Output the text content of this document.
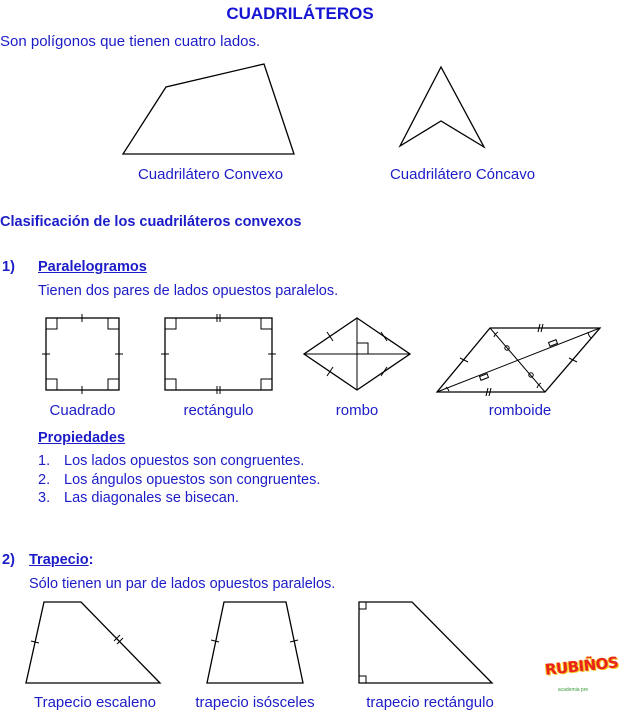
CUADRILÁTEROS
Son polígonos que tienen cuatro lados.
Cuadrilátero Convexo	Cuadrilátero Cóncavo
Clasificación de los cuadriláteros convexos
1) Paralelogramos
Tienen dos pares de lados opuestos paralelos.
Cuadrado	rectángulo	rombo	romboide
Propiedades
1. Los lados opuestos son congruentes.
2. Los ángulos opuestos son congruentes.
3. Las diagonales se bisecan.
2) Trapecio:
Sólo tienen un par de lados opuestos paralelos.
Trapecio escaleno	trapecio isósceles	trapecio rectángulo
RUBIÑOS
academia pre
